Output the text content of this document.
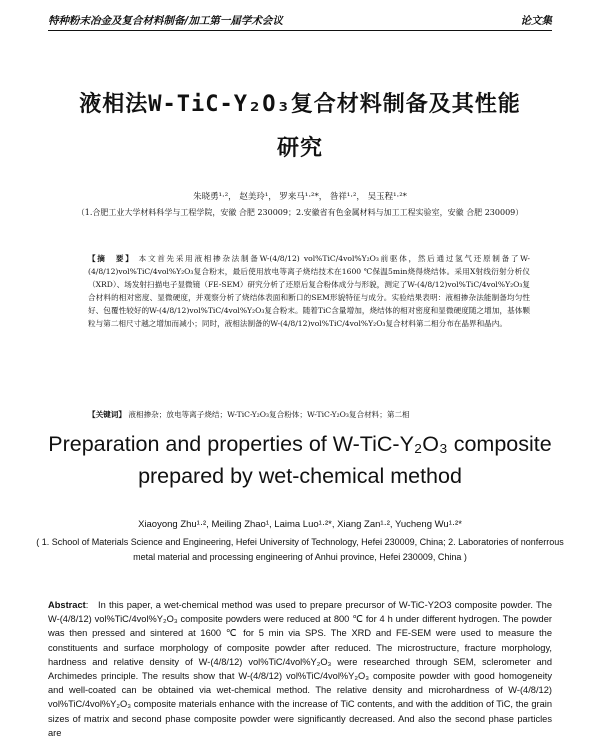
特种粉末冶金及复合材料制备/加工第一届学术会议	论文集
液相法W-TiC-Y₂O₃复合材料制备及其性能
研究
朱晓勇¹·²， 赵美玲¹， 罗来马¹·²*， 昝祥¹·²， 吴玉程¹·²*
（1.合肥工业大学材料科学与工程学院，安徽 合肥 230009；2.安徽省有色金属材料与加工工程实验室，安徽 合肥 230009）
【摘　要】 本文首先采用液相掺杂法制备W-(4/8/12) vol%TiC/4vol%Y₂O₃前驱体，然后通过氢气还原制备了W-(4/8/12)vol%TiC/4vol%Y₂O₃复合粉末，最后使用放电等离子烧结技术在1600 ℃保温5min烧得烧结体。采用X射线衍射分析仪（XRD）、场发射扫描电子显微镜（FE-SEM）研究分析了还原后复合粉体成分与形貌，测定了W-(4/8/12)vol%TiC/4vol%Y₂O₃复合材料的相对密度、显微硬度，并观察分析了烧结体表面和断口的SEM形貌特征与成分。实验结果表明：液相掺杂法能制备均匀性好、包覆性较好的W-(4/8/12)vol%TiC/4vol%Y₂O₃复合粉末。随着TiC含量增加，烧结体的相对密度和显微硬度随之增加，基体颗粒与第二相尺寸越之增加而减小；同时，液相法制备的W-(4/8/12)vol%TiC/4vol%Y₂O₃复合材料第二相分布在晶界和晶内。
【关键词】 液相掺杂；放电等离子烧结；W-TiC-Y₂O₃复合粉体；W-TiC-Y₂O₃复合材料；第二相
Preparation and properties of W-TiC-Y₂O₃ composite
prepared by wet-chemical method
Xiaoyong Zhu¹·², Meiling Zhao¹, Laima Luo¹·²*, Xiang Zan¹·², Yucheng Wu¹·²*
( 1. School of Materials Science and Engineering, Hefei University of Technology, Hefei 230009, China; 2. Laboratories of nonferrous metal material and processing engineering of Anhui province, Hefei 230009, China )
Abstract:   In this paper, a wet-chemical method was used to prepare precursor of W-TiC-Y2O3 composite powder. The W-(4/8/12) vol%TiC/4vol%Y₂O₃ composite powders were reduced at 800 ℃ for 4 h under different hydrogen. The powder was then pressed and sintered at 1600 ℃ for 5 min via SPS. The XRD and FE-SEM were used to measure the constituents and surface morphology of composite powder after reduced. The microstructure, fracture morphology, hardness and relative density of W-(4/8/12) vol%TiC/4vol%Y₂O₃ were researched through SEM, sclerometer and Archimedes principle. The results show that W-(4/8/12) vol%TiC/4vol%Y₂O₃ composite powder with good homogeneity and well-coated can be obtained via wet-chemical method. The relative density and microhardness of W-(4/8/12) vol%TiC/4vol%Y₂O₃ composite materials enhance with the increase of TiC contents, and with the addition of TiC, the grain sizes of matrix and second phase composite powder were significantly decreased. And also the second phase particles are
